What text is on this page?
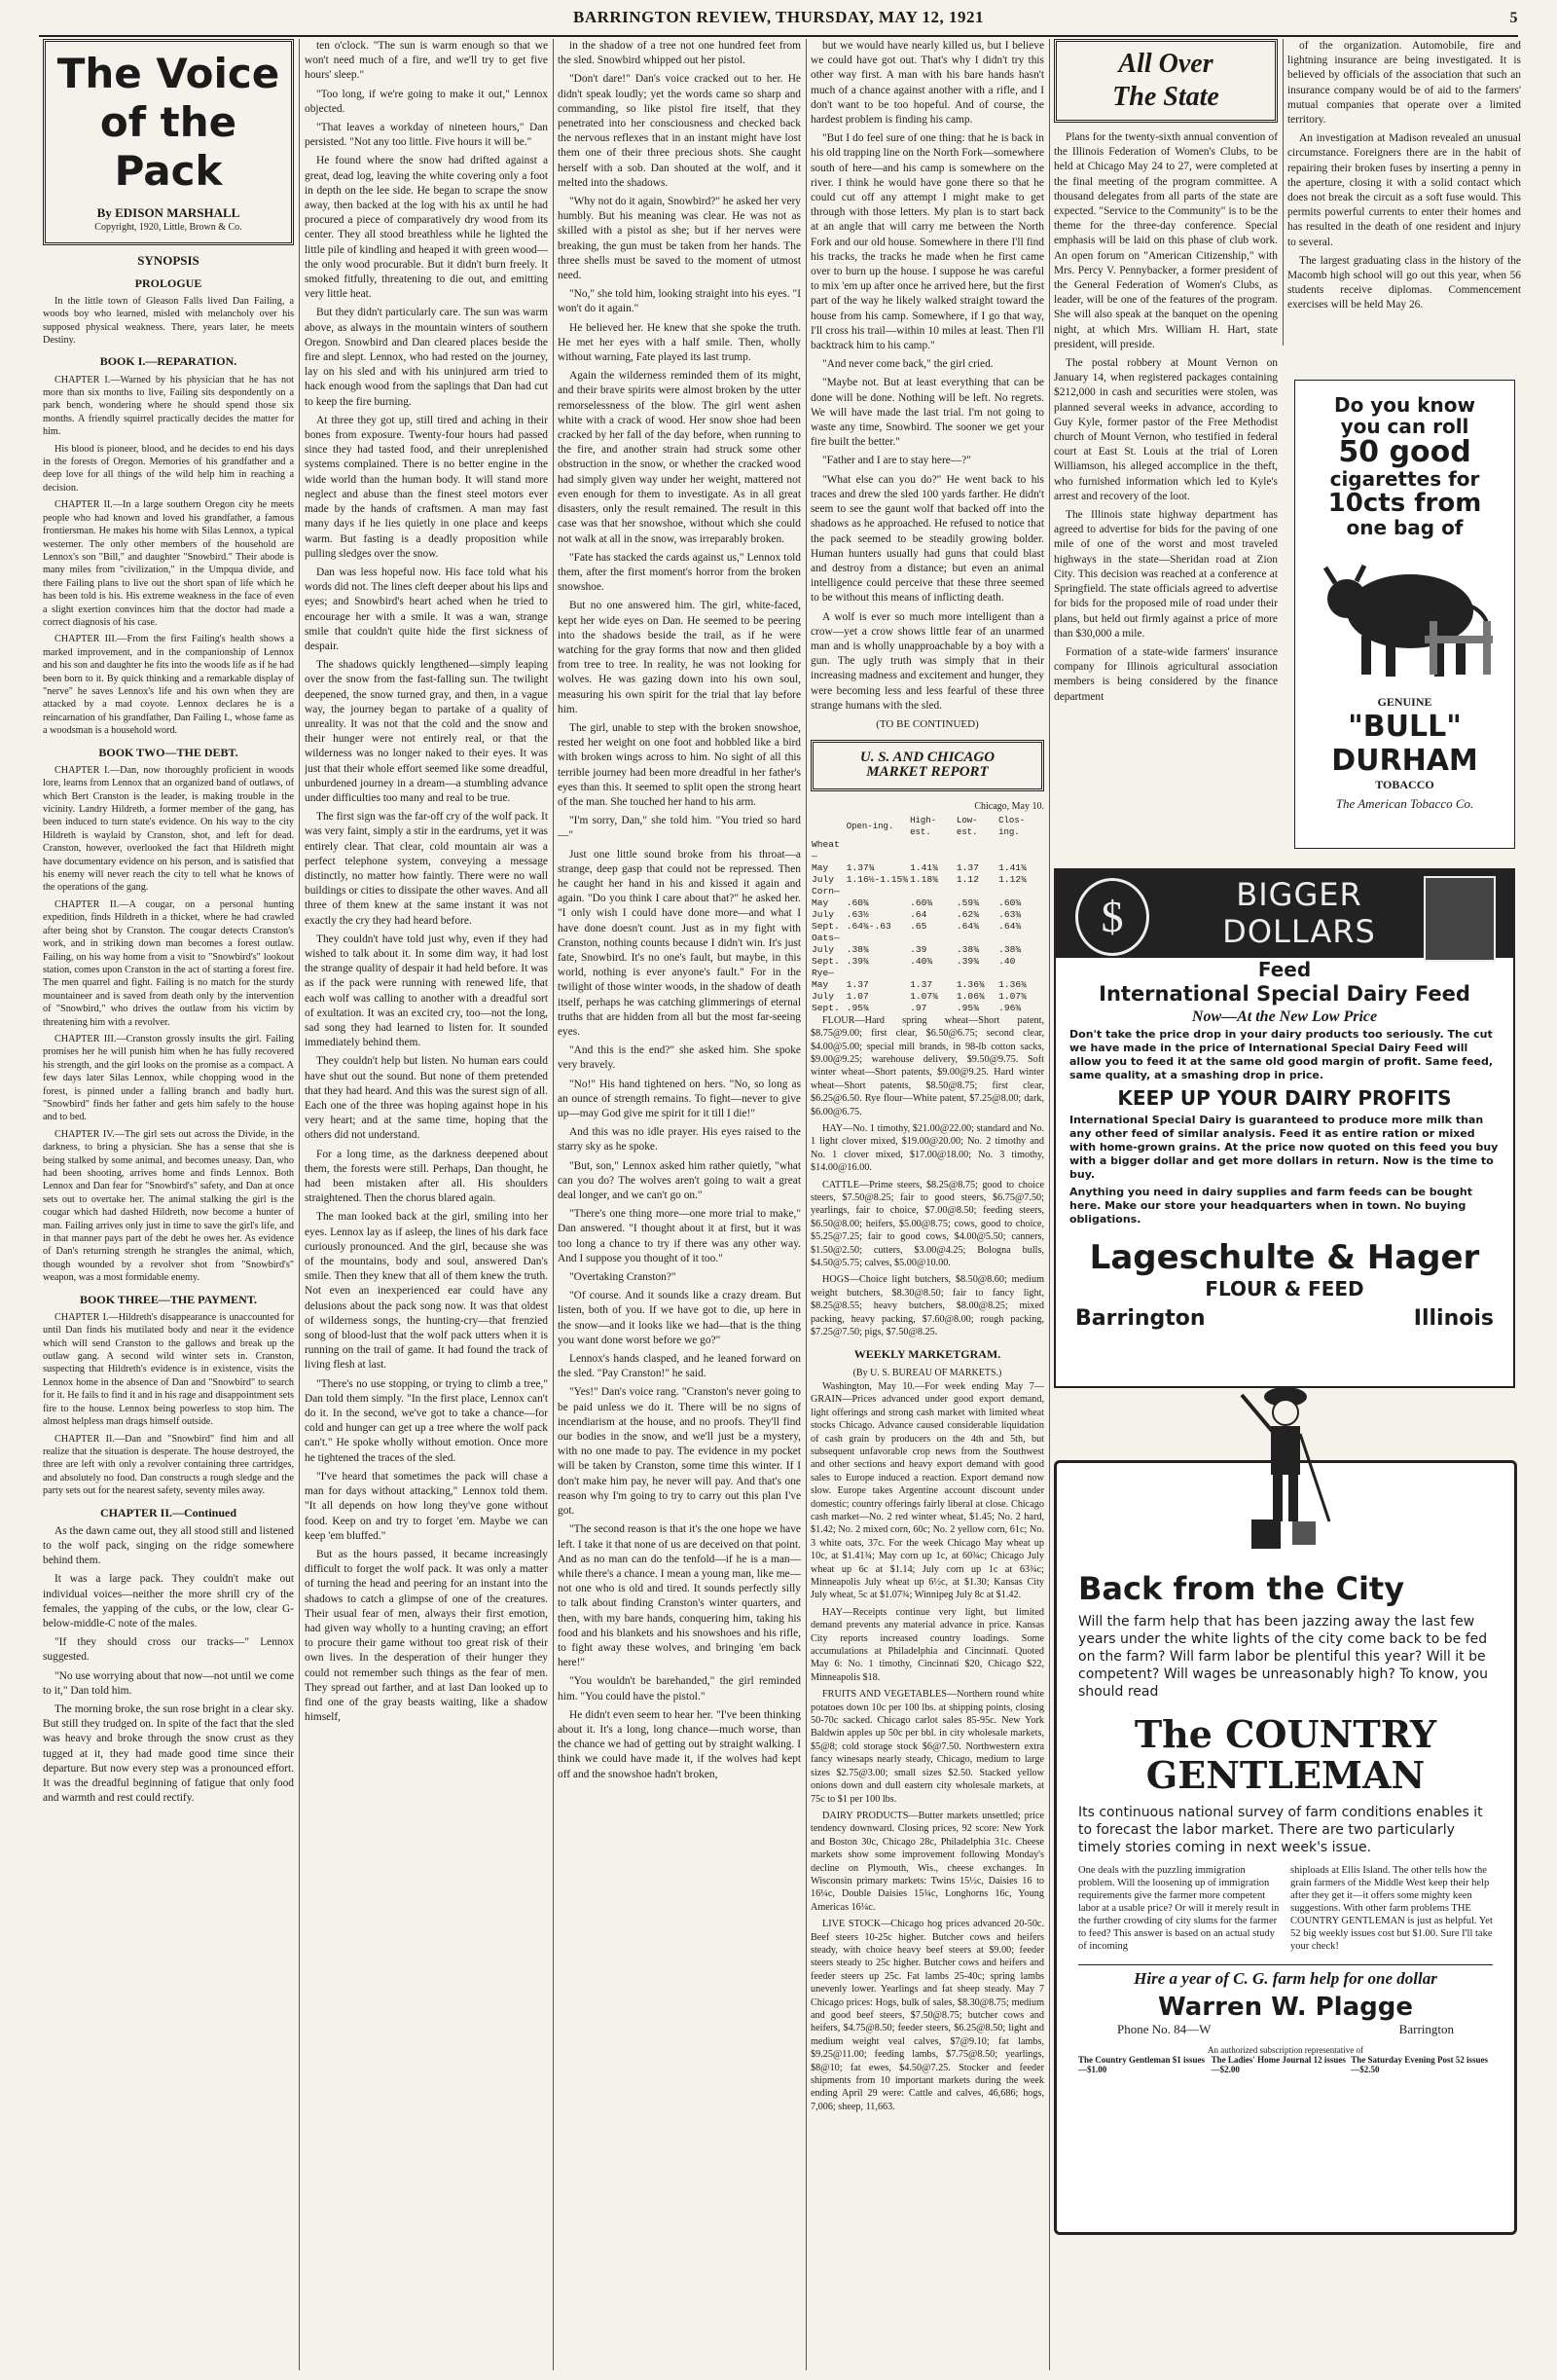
BARRINGTON REVIEW, THURSDAY, MAY 12, 1921	5
The Voice
of the Pack
By EDISON MARSHALL
Copyright, 1920, Little, Brown & Co.
SYNOPSIS
PROLOGUE

In the little town of Gleason Falls lived Dan Failing, a woods boy who learned, misled with melancholy over his supposed physical weakness. There, years later, he meets Destiny.

BOOK I.—REPARATION.

CHAPTER I.—Warned by his physician that he has not more than six months to live, Failing sits despondently on a park bench, wondering where he should spend those six months. A friendly squirrel practically decides the matter for him.

His blood is pioneer, blood, and he decides to end his days in the forests of Oregon. Memories of his grandfather and a deep love for all things of the wild help him in reaching a decision.

CHAPTER II.—In a large southern Oregon city he meets people who had known and loved his grandfather, a famous frontiersman. He makes his home with Silas Lennox, a typical westerner. The only other members of the household are Lennox's son "Bill," and daughter "Snowbird." Their abode is many miles from "civilization," in the Umpqua divide, and there Failing plans to live out the short span of life which he has been told is his. His extreme weakness in the face of even a slight exertion convinces him that the doctor had made a correct diagnosis of his case.

CHAPTER III.—From the first Failing's health shows a marked improvement, and in the companionship of Lennox and his son and daughter he fits into the woods life as if he had been born to it. By quick thinking and a remarkable display of "nerve" he saves Lennox's life and his own when they are attacked by a mad coyote. Lennox declares he is a reincarnation of his grandfather, Dan Failing I., whose fame as a woodsman is a household word.

BOOK TWO—THE DEBT.

CHAPTER I.—Dan, now thoroughly proficient in woods lore, learns from Lennox that an organized band of outlaws, of which Bert Cranston is the leader, is making trouble in the vicinity. Landry Hildreth, a former member of the gang, has been induced to turn state's evidence. On his way to the city Hildreth is waylaid by Cranston, shot, and left for dead. Cranston, however, overlooked the fact that Hildreth might have documentary evidence on his person, and is satisfied that his enemy will never reach the city to tell what he knows of the operations of the gang.

CHAPTER II.—A cougar, on a personal hunting expedition, finds Hildreth in a thicket, where he had crawled after being shot by Cranston. The cougar detects Cranston's work, and in striking down man becomes a forest outlaw. Failing, on his way home from a visit to "Snowbird's" lookout station, comes upon Cranston in the act of starting a forest fire. The men quarrel and fight. Failing is no match for the sturdy mountaineer and is saved from death only by the intervention of "Snowbird," who drives the outlaw from his victim by threatening him with a revolver.

CHAPTER III.—Cranston grossly insults the girl. Failing promises her he will punish him when he has fully recovered his strength, and the girl looks on the promise as a compact. A few days later Silas Lennox, while chopping wood in the forest, is pinned under a falling branch and badly hurt. "Snowbird" finds her father and gets him safely to the house and to bed.

CHAPTER IV.—The girl sets out across the Divide, in the darkness, to bring a physician. She has a sense that she is being stalked by some animal, and becomes uneasy. Dan, who had been shooting, arrives home and finds Lennox. Both Lennox and Dan fear for "Snowbird's" safety, and Dan at once sets out to overtake her. The animal stalking the girl is the cougar which had dashed Hildreth, now become a hunter of man. Failing arrives only just in time to save the girl's life, and in that manner pays part of the debt he owes her. As evidence of Dan's returning strength he strangles the animal, which, though wounded by a revolver shot from "Snowbird's" weapon, was a most formidable enemy.

BOOK THREE—THE PAYMENT.

CHAPTER I.—Hildreth's disappearance is unaccounted for until Dan finds his mutilated body and near it the evidence which will send Cranston to the gallows and break up the outlaw gang. A second wild winter sets in. Cranston, suspecting that Hildreth's evidence is in existence, visits the Lennox home in the absence of Dan and "Snowbird" to search for it. He fails to find it and in his rage and disappointment sets fire to the house. Lennox being powerless to stop him. The almost helpless man drags himself outside.

CHAPTER II.—Dan and "Snowbird" find him and all realize that the situation is desperate. The house destroyed, the three are left with only a revolver containing three cartridges, and absolutely no food. Dan constructs a rough sledge and the party sets out for the nearest safety, seventy miles away.

CHAPTER II.—Continued

As the dawn came out, they all stood still and listened to the wolf pack, singing on the ridge somewhere behind them.

It was a large pack. They couldn't make out individual voices—neither the more shrill cry of the females, the yapping of the cubs, or the low, clear G-below-middle-C note of the males.

"If they should cross our tracks—" Lennox suggested.

"No use worrying about that now—not until we come to it," Dan told him.

The morning broke, the sun rose bright in a clear sky. But still they trudged on. In spite of the fact that the sled was heavy and broke through the snow crust as they tugged at it, they had made good time since their departure. But now every step was a pronounced effort. It was the dreadful beginning of fatigue that only food and warmth and rest could rectify.

ten o'clock. "The sun is warm enough so that we won't need much of a fire, and we'll try to get five hours' sleep."

"Too long, if we're going to make it out," Lennox objected.

"That leaves a workday of nineteen hours," Dan persisted. "Not any too little. Five hours it will be."

He found where the snow had drifted against a great, dead log, leaving the white covering only a foot in depth on the lee side. He began to scrape the snow away, then backed at the log with his ax until he had procured a piece of comparatively dry wood from its center. They all stood breathless while he lighted the little pile of kindling and heaped it with green wood—the only wood procurable. But it didn't burn freely. It smoked fitfully, threatening to die out, and emitting very little heat.

But they didn't particularly care. The sun was warm above, as always in the mountain winters of southern Oregon. Snowbird and Dan cleared places beside the fire and slept. Lennox, who had rested on the journey, lay on his sled and with his uninjured arm tried to hack enough wood from the saplings that Dan had cut to keep the fire burning.

At three they got up, still tired and aching in their bones from exposure. Twenty-four hours had passed since they had tasted food, and their unreplenished systems complained. There is no better engine in the wide world than the human body. It will stand more neglect and abuse than the finest steel motors ever made by the hands of craftsmen. A man may fast many days if he lies quietly in one place and keeps warm. But fasting is a deadly proposition while pulling sledges over the snow.

Dan was less hopeful now. His face told what his words did not. The lines cleft deeper about his lips and eyes; and Snowbird's heart ached when he tried to encourage her with a smile. It was a wan, strange smile that couldn't quite hide the first sickness of despair.

The shadows quickly lengthened—simply leaping over the snow from the fast-falling sun. The twilight deepened, the snow turned gray, and then, in a vague way, the journey began to partake of a quality of unreality. It was not that the cold and the snow and their hunger were not entirely real, or that the wilderness was no longer naked to their eyes. It was just that their whole effort seemed like some dreadful, unburdened journey in a dream—a stumbling advance under difficulties too many and real to be true.

The first sign was the far-off cry of the wolf pack. It was very faint, simply a stir in the eardrums, yet it was entirely clear. That clear, cold mountain air was a perfect telephone system, conveying a message distinctly, no matter how faintly. There were no wall buildings or cities to dissipate the other waves. And all three of them knew at the same instant it was not exactly the cry they had heard before.

They couldn't have told just why, even if they had wished to talk about it. In some dim way, it had lost the strange quality of despair it had held before. It was as if the pack were running with renewed life, that each wolf was calling to another with a dreadful sort of exultation. It was an excited cry, too—not the long, sad song they had learned to listen for. It sounded immediately behind them.

They couldn't help but listen. No human ears could have shut out the sound. But none of them pretended that they had heard. And this was the surest sign of all. Each one of the three was hoping against hope in his very heart; and at the same time, hoping that the others did not understand.

For a long time, as the darkness deepened about them, the forests were still. Perhaps, Dan thought, he had been mistaken after all. His shoulders straightened. Then the chorus blared again.

The man looked back at the girl, smiling into her eyes. Lennox lay as if asleep, the lines of his dark face curiously pronounced. And the girl, because she was of the mountains, body and soul, answered Dan's smile. Then they knew that all of them knew the truth. Not even an inexperienced ear could have any delusions about the pack song now. It was that oldest of wilderness songs, the hunting-cry—that frenzied song of blood-lust that the wolf pack utters when it is running on the trail of game. It had found the track of living flesh at last.

"There's no use stopping, or trying to climb a tree," Dan told them simply. "In the first place, Lennox can't do it. In the second, we've got to take a chance—for cold and hunger can get up a tree where the wolf pack can't." He spoke wholly without emotion. Once more he tightened the traces of the sled.

"I've heard that sometimes the pack will chase a man for days without attacking," Lennox told them. "It all depends on how long they've gone without food. Keep on and try to forget 'em. Maybe we can keep 'em bluffed."

But as the hours passed, it became increasingly difficult to forget the wolf pack. It was only a matter of turning the head and peering for an instant into the shadows to catch a glimpse of one of the creatures. Their usual fear of men, always their first emotion, had given way wholly to a hunting craving; an effort to procure their game without too great risk of their own lives. In the desperation of their hunger they could not remember such things as the fear of men. They spread out farther, and at last Dan looked up to find one of the gray beasts waiting, like a shadow himself,

in the shadow of a tree not one hundred feet from the sled. Snowbird whipped out her pistol.

"Don't dare!" Dan's voice cracked out to her. He didn't speak loudly; yet the words came so sharp and commanding, so like pistol fire itself, that they penetrated into her consciousness and checked back the nervous reflexes that in an instant might have lost them one of their three precious shots. She caught herself with a sob. Dan shouted at the wolf, and it melted into the shadows.

"Why not do it again, Snowbird?" he asked her very humbly. But his meaning was clear. He was not as skilled with a pistol as she; but if her nerves were breaking, the gun must be taken from her hands. The three shells must be saved to the moment of utmost need.

"No," she told him, looking straight into his eyes. "I won't do it again."

He believed her. He knew that she spoke the truth. He met her eyes with a half smile. Then, wholly without warning, Fate played its last trump.

Again the wilderness reminded them of its might, and their brave spirits were almost broken by the utter remorselessness of the blow. The girl went ashen white with a crack of wood. Her snow shoe had been cracked by her fall of the day before, when running to the fire, and another strain had struck some other obstruction in the snow, or whether the cracked wood had simply given way under her weight, mattered not even enough for them to investigate. As in all great disasters, only the result remained. The result in this case was that her snowshoe, without which she could not walk at all in the snow, was irreparably broken.

"Fate has stacked the cards against us," Lennox told them, after the first moment's horror from the broken snowshoe.

But no one answered him. The girl, white-faced, kept her wide eyes on Dan. He seemed to be peering into the shadows beside the trail, as if he were watching for the gray forms that now and then glided from tree to tree. In reality, he was not looking for wolves. He was gazing down into his own soul, measuring his own spirit for the trial that lay before him.

The girl, unable to step with the broken snowshoe, rested her weight on one foot and hobbled like a bird with broken wings across to him. No sight of all this terrible journey had been more dreadful in her father's eyes than this. It seemed to split open the strong heart of the man. She touched her hand to his arm.

"I'm sorry, Dan," she told him. "You tried so hard—"

Just one little sound broke from his throat—a strange, deep gasp that could not be repressed. Then he caught her hand in his and kissed it again and again. "Do you think I care about that?" he asked her. "I only wish I could have done more—and what I have done doesn't count. Just as in my fight with Cranston, nothing counts because I didn't win. It's just fate, Snowbird. It's no one's fault, but maybe, in this world, nothing is ever anyone's fault." For in the twilight of those winter woods, in the shadow of death itself, perhaps he was catching glimmerings of eternal truths that are hidden from all but the most far-seeing eyes.

"And this is the end?" she asked him. She spoke very bravely.

"No!" His hand tightened on hers. "No, so long as an ounce of strength remains. To fight—never to give up—may God give me spirit for it till I die!"

And this was no idle prayer. His eyes raised to the starry sky as he spoke.

"But, son," Lennox asked him rather quietly, "what can you do? The wolves aren't going to wait a great deal longer, and we can't go on."

"There's one thing more—one more trial to make," Dan answered. "I thought about it at first, but it was too long a chance to try if there was any other way. And I suppose you thought of it too."

"Overtaking Cranston?"

"Of course. And it sounds like a crazy dream. But listen, both of you. If we have got to die, up here in the snow—and it looks like we had—that is the thing you want done worst before we go?"

Lennox's hands clasped, and he leaned forward on the sled. "Pay Cranston!" he said.

"Yes!" Dan's voice rang. "Cranston's never going to be paid unless we do it. There will be no signs of incendiarism at the house, and no proofs. They'll find our bodies in the snow, and we'll just be a mystery, with no one made to pay. The evidence in my pocket will be taken by Cranston, some time this winter. If I don't make him pay, he never will pay. And that's one reason why I'm going to try to carry out this plan I've got.

"The second reason is that it's the one hope we have left. I take it that none of us are deceived on that point. And as no man can do the tenfold—if he is a man—while there's a chance. I mean a young man, like me—not one who is old and tired. It sounds perfectly silly to talk about finding Cranston's winter quarters, and then, with my bare hands, conquering him, taking his food and his blankets and his snowshoes and his rifle, to fight away these wolves, and bringing 'em back here!"

"You wouldn't be barehanded," the girl reminded him. "You could have the pistol."

He didn't even seem to hear her. "I've been thinking about it. It's a long, long chance—much worse, than the chance we had of getting out by straight walking. I think we could have made it, if the wolves had kept off and the snowshoe hadn't broken,

but we would have nearly killed us, but I believe we could have got out. That's why I didn't try this other way first. A man with his bare hands hasn't much of a chance against another with a rifle, and I don't want to be too hopeful. And of course, the hardest problem is finding his camp.

"But I do feel sure of one thing: that he is back in his old trapping line on the North Fork—somewhere south of here—and his camp is somewhere on the river. I think he would have gone there so that he could cut off any attempt I might make to get through with those letters. My plan is to start back at an angle that will carry me between the North Fork and our old house. Somewhere in there I'll find his tracks, the tracks he made when he first came over to burn up the house. I suppose he was careful to mix 'em up after once he arrived here, but the first part of the way he likely walked straight toward the house from his camp. Somewhere, if I go that way, I'll cross his trail—within 10 miles at least. Then I'll backtrack him to his camp."

"And never come back," the girl cried.

"Maybe not. But at least everything that can be done will be done. Nothing will be left. No regrets. We will have made the last trial. I'm not going to waste any time, Snowbird. The sooner we get your fire built the better."

"Father and I are to stay here—?"

"What else can you do?" He went back to his traces and drew the sled 100 yards farther. He didn't seem to see the gaunt wolf that backed off into the shadows as he approached. He refused to notice that the pack seemed to be steadily growing bolder. Human hunters usually had guns that could blast and destroy from a distance; but even an animal intelligence could perceive that these three seemed to be without this means of inflicting death.

A wolf is ever so much more intelligent than a crow—yet a crow shows little fear of an unarmed man and is wholly unapproachable by a boy with a gun. The ugly truth was simply that in their increasing madness and excitement and hunger, they were becoming less and less fearful of these three strange humans with the sled.

(TO BE CONTINUED)
U. S. AND CHICAGO
MARKET REPORT
Chicago, May 10.
	Open-ing.	High-est.	Low-est.	Clos-ing.
Wheat—				
May	1.37¾	1.41¾	1.37	1.41¾
July	1.16½-1.15¾	1.18¾	1.12	1.12¾
Corn—				
May	.60¾	.60¾	.59¾	.60¾
July	.63½	.64	.62¾	.63¾
Sept.	.64¾-.63	.65	.64¾	.64¾
Oats—				
July	.38¾	.39	.38¾	.38¾
Sept.	.39¾	.40¾	.39¾	.40
Rye—				
May	1.37	1.37	1.36¾	1.36¾
July	1.07	1.07¾	1.06¾	1.07¾
Sept.	.95¾	.97	.95¾	.96¾

FLOUR—Hard spring wheat—Short patent, $8.75@9.00; first clear, $6.50@6.75; second clear, $4.00@5.00; special mill brands, in 98-lb cotton sacks, $9.00@9.25; warehouse delivery, $9.50@9.75. Soft winter wheat—Short patents, $9.00@9.25. Hard winter wheat—Short patents, $8.50@8.75; first clear, $6.25@6.50. Rye flour—White patent, $7.25@8.00; dark, $6.00@6.75.

HAY—No. 1 timothy, $21.00@22.00; standard and No. 1 light clover mixed, $19.00@20.00; No. 2 timothy and No. 1 clover mixed, $17.00@18.00; No. 3 timothy, $14.00@16.00.

CATTLE—Prime steers, $8.25@8.75; good to choice steers, $7.50@8.25; fair to good steers, $6.75@7.50; yearlings, fair to choice, $7.00@8.50; feeding steers, $6.50@8.00; heifers, $5.00@8.75; cows, good to choice, $5.25@7.25; fair to good cows, $4.00@5.50; canners, $1.50@2.50; cutters, $3.00@4.25; Bologna bulls, $4.50@5.75; calves, $5.00@10.00.

HOGS—Choice light butchers, $8.50@8.60; medium weight butchers, $8.30@8.50; fair to fancy light, $8.25@8.55; heavy butchers, $8.00@8.25; mixed packing, heavy packing, $7.60@8.00; rough packing, $7.25@7.50; pigs, $7.50@8.25.

WEEKLY MARKETGRAM.
(By U. S. BUREAU OF MARKETS.)

Washington, May 10.—For week ending May 7—GRAIN—Prices advanced under good export demand, light offerings and strong cash market with limited wheat stocks Chicago. Advance caused considerable liquidation of cash grain by producers on the 4th and 5th, but subsequent unfavorable crop news from the Southwest and other sections and heavy export demand with good sales to Europe induced a reaction. Export demand now slow. Europe takes Argentine account discount under domestic; country offerings fairly liberal at close. Chicago cash market—No. 2 red winter wheat, $1.45; No. 2 hard, $1.42; No. 2 mixed corn, 60c; No. 2 yellow corn, 61c; No. 3 white oats, 37c. For the week Chicago May wheat up 10c, at $1.41¾; May corn up 1c, at 60¾c; Chicago July wheat up 6c at $1.14; July corn up 1c at 63¾c; Minneapolis July wheat up 6½c, at $1.30; Kansas City July wheat, 5c at $1.07¾; Winnipeg July 8c at $1.42.

HAY—Receipts continue very light, but limited demand prevents any material advance in price. Kansas City reports increased country loadings. Some accumulations at Philadelphia and Cincinnati. Quoted May 6: No. 1 timothy, Cincinnati $20, Chicago $22, Minneapolis $18.

FRUITS AND VEGETABLES—Northern round white potatoes down 10c per 100 lbs. at shipping points, closing 50-70c sacked. Chicago carlot sales 85-95c. New York Baldwin apples up 50c per bbl. in city wholesale markets, $5@8; cold storage stock $6@7.50. Northwestern extra fancy winesaps nearly steady, Chicago, medium to large sizes $2.75@3.00; small sizes $2.50. Stacked yellow onions down and dull eastern city wholesale markets, at 75c to $1 per 100 lbs.

DAIRY PRODUCTS—Butter markets unsettled; price tendency downward. Closing prices, 92 score: New York and Boston 30c, Chicago 28c, Philadelphia 31c. Cheese markets show some improvement following Monday's decline on Plymouth, Wis., cheese exchanges. In Wisconsin primary markets: Twins 15½c, Daisies 16 to 16¼c, Double Daisies 15¾c, Longhorns 16c, Young Americas 16¼c.

LIVE STOCK—Chicago hog prices advanced 20-50c. Beef steers 10-25c higher. Butcher cows and heifers steady, with choice heavy beef steers at $9.00; feeder steers steady to 25c higher. Butcher cows and heifers and feeder steers up 25c. Fat lambs 25-40c; spring lambs unevenly lower. Yearlings and fat sheep steady. May 7 Chicago prices: Hogs, bulk of sales, $8.30@8.75; medium and good beef steers, $7.50@8.75; butcher cows and heifers, $4.75@8.50; feeder steers, $6.25@8.50; light and medium weight veal calves, $7@9.10; fat lambs, $9.25@11.00; feeding lambs, $7.75@8.50; yearlings, $8@10; fat ewes, $4.50@7.25. Stocker and feeder shipments from 10 important markets during the week ending April 29 were: Cattle and calves, 46,686; hogs, 7,006; sheep, 11,663.

All Over
The State

Plans for the twenty-sixth annual convention of the Illinois Federation of Women's Clubs, to be held at Chicago May 24 to 27, were completed at the final meeting of the program committee. A thousand delegates from all parts of the state are expected. "Service to the Community" is to be the theme for the three-day conference. Special emphasis will be laid on this phase of club work. An open forum on "American Citizenship," with Mrs. Percy V. Pennybacker, a former president of the General Federation of Women's Clubs, as leader, will be one of the features of the program. She will also speak at the banquet on the opening night, at which Mrs. William H. Hart, state president, will preside.

The postal robbery at Mount Vernon on January 14, when registered packages containing $212,000 in cash and securities were stolen, was planned several weeks in advance, according to Guy Kyle, former pastor of the Free Methodist church of Mount Vernon, who testified in federal court at East St. Louis at the trial of Loren Williamson, his alleged accomplice in the theft, who furnished information which led to Kyle's arrest and recovery of the loot.

The Illinois state highway department has agreed to advertise for bids for the paving of one mile of one of the worst and most traveled highways in the state—Sheridan road at Zion City. This decision was reached at a conference at Springfield. The state officials agreed to advertise for bids for the proposed mile of road under their plans, but held out firmly against a price of more than $30,000 a mile.

Formation of a state-wide farmers' insurance company for Illinois agricultural association members is being considered by the finance department

of the organization. Automobile, fire and lightning insurance are being investigated. It is believed by officials of the association that such an insurance company would be of aid to the farmers' mutual companies that operate over a limited territory.

An investigation at Madison revealed an unusual circumstance. Foreigners there are in the habit of repairing their broken fuses by inserting a penny in the aperture, closing it with a solid contact which does not break the circuit as a soft fuse would. This permits powerful currents to enter their homes and has resulted in the death of one resident and injury to several.

The largest graduating class in the history of the Macomb high school will go out this year, when 56 students receive diplomas. Commencement exercises will be held May 26.

Do you know
you can roll
50 good
cigarettes for
10cts from
one bag of
GENUINE
"BULL" DURHAM
TOBACCO
The American Tobacco Co.
$	BIGGER DOLLARS
Feed
International Special Dairy Feed
Now—At the New Low Price
Don't take the price drop in your dairy products too seriously. The cut we have made in the price of International Special Dairy Feed will allow you to feed it at the same old good margin of profit. Same feed, same quality, at a smashing drop in price.
KEEP UP YOUR DAIRY PROFITS
International Special Dairy is guaranteed to produce more milk than any other feed of similar analysis. Feed it as entire ration or mixed with home-grown grains. At the price now quoted on this feed you buy with a bigger dollar and get more dollars in return. Now is the time to buy.
Anything you need in dairy supplies and farm feeds can be bought here. Make our store your headquarters when in town. No buying obligations.
Lageschulte & Hager
FLOUR & FEED
Barrington	Illinois
Back from the City
Will the farm help that has been jazzing away the last few years under the white lights of the city come back to be fed on the farm? Will farm labor be plentiful this year? Will it be competent? Will wages be unreasonably high? To know, you should read
The COUNTRY GENTLEMAN
Its continuous national survey of farm conditions enables it to forecast the labor market. There are two particularly timely stories coming in next week's issue.
One deals with the puzzling immigration problem. Will the loosening up of immigration requirements give the farmer more competent labor at a usable price? Or will it merely result in the further crowding of city slums for the farmer to feed? This answer is based on an actual study of incoming
shiploads at Ellis Island. The other tells how the grain farmers of the Middle West keep their help after they get it—it offers some mighty keen suggestions. With other farm problems THE COUNTRY GENTLEMAN is just as helpful. Yet 52 big weekly issues cost but $1.00. Sure I'll take your check!
Hire a year of C. G. farm help for one dollar
Warren W. Plagge
Phone No. 84—W	Barrington
An authorized subscription representative of
The Country Gentleman $1 issues—$1.00
The Ladies' Home Journal 12 issues—$2.00
The Saturday Evening Post 52 issues—$2.50
